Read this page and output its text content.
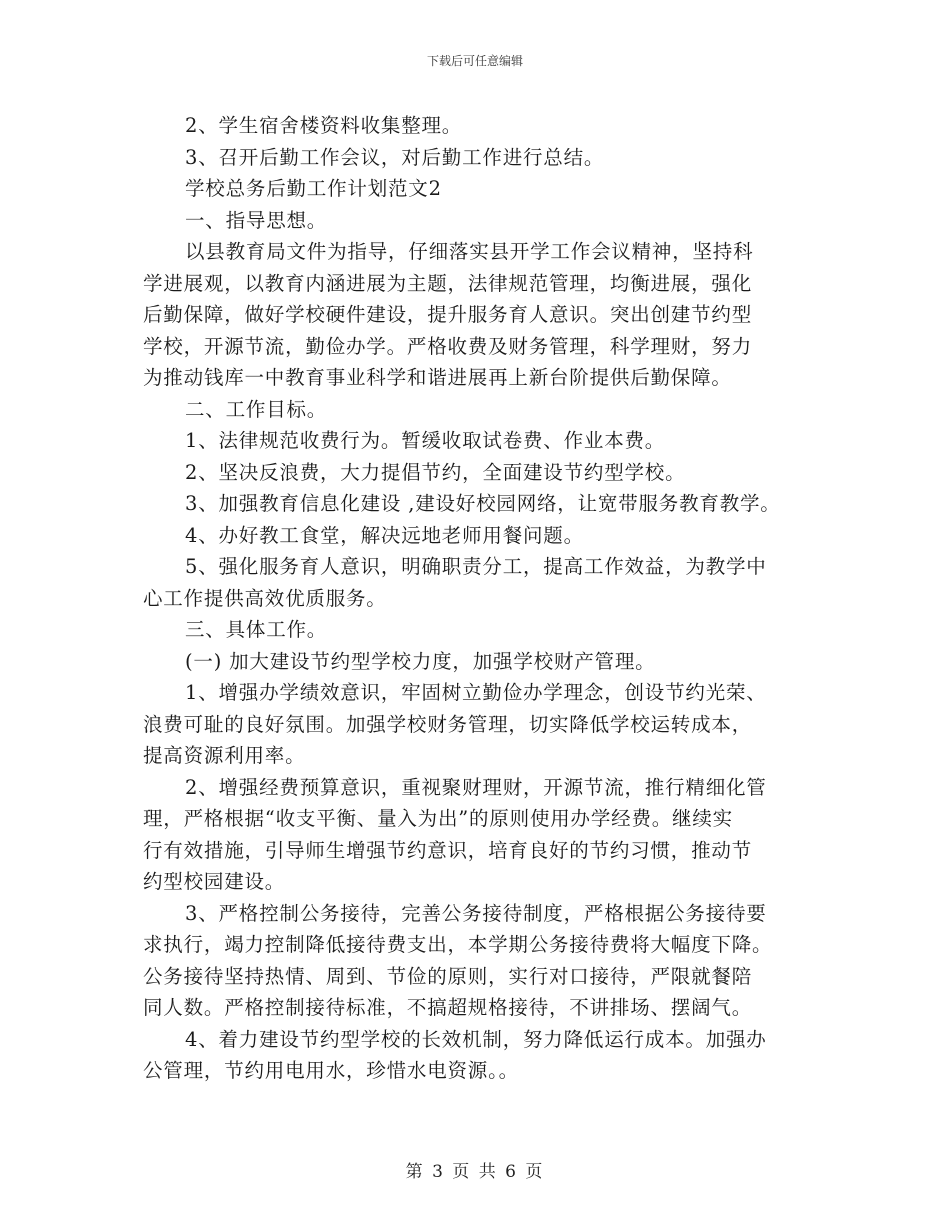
下载后可任意编辑
2、学生宿舍楼资料收集整理。
3、召开后勤工作会议，对后勤工作进行总结。
学校总务后勤工作计划范文2
一、指导思想。
以县教育局文件为指导，仔细落实县开学工作会议精神，坚持科
学进展观，以教育内涵进展为主题，法律规范管理，均衡进展，强化
后勤保障，做好学校硬件建设，提升服务育人意识。突出创建节约型
学校，开源节流，勤俭办学。严格收费及财务管理，科学理财，努力
为推动钱库一中教育事业科学和谐进展再上新台阶提供后勤保障。
二、工作目标。
1、法律规范收费行为。暂缓收取试卷费、作业本费。
2、坚决反浪费，大力提倡节约，全面建设节约型学校。
3、加强教育信息化建设 ,建设好校园网络，让宽带服务教育教学。
4、办好教工食堂，解决远地老师用餐问题。
5、强化服务育人意识，明确职责分工，提高工作效益，为教学中
心工作提供高效优质服务。
三、具体工作。
(一) 加大建设节约型学校力度，加强学校财产管理。
1、增强办学绩效意识，牢固树立勤俭办学理念，创设节约光荣、
浪费可耻的良好氛围。加强学校财务管理，切实降低学校运转成本，
提高资源利用率。
2、增强经费预算意识，重视聚财理财，开源节流，推行精细化管
理，严格根据“收支平衡、量入为出”的原则使用办学经费。继续实
行有效措施，引导师生增强节约意识，培育良好的节约习惯，推动节
约型校园建设。
3、严格控制公务接待，完善公务接待制度，严格根据公务接待要
求执行，竭力控制降低接待费支出，本学期公务接待费将大幅度下降。
公务接待坚持热情、周到、节俭的原则，实行对口接待，严限就餐陪
同人数。严格控制接待标准，不搞超规格接待，不讲排场、摆阔气。
4、着力建设节约型学校的长效机制，努力降低运行成本。加强办
公管理，节约用电用水，珍惜水电资源。。
第 3 页 共 6 页
